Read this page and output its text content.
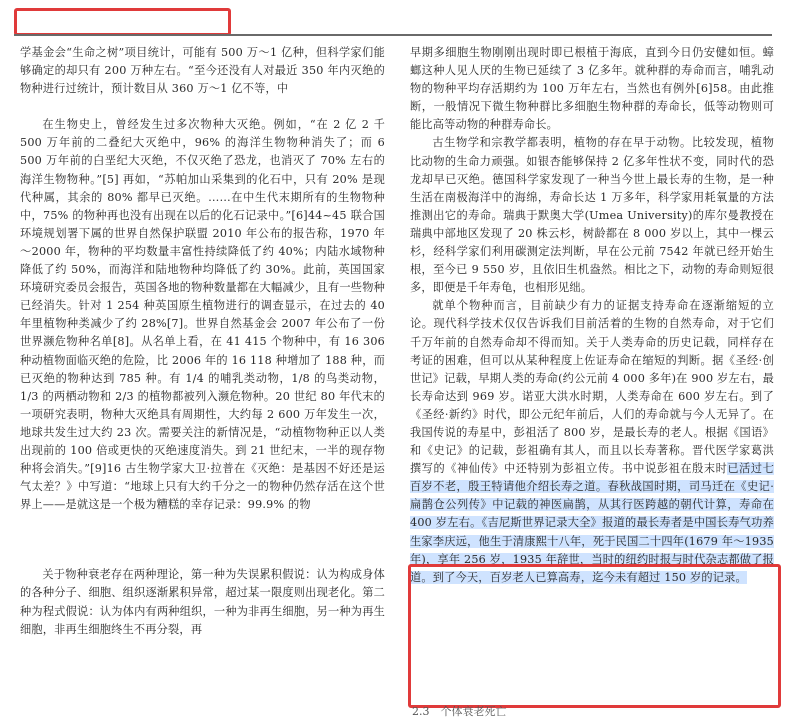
学基金会“生命之树”项目统计，可能有 500 万～1 亿种，但科学家们能够确定的却只有 200 万种左右。“至今还没有人对最近 350 年内灭绝的物种进行过统计，预计数目从 360 万～1 亿不等，中

在生物史上，曾经发生过多次物种大灭绝。例如，“在 2 亿 2 千 500 万年前的二叠纪大灭绝中，96% 的海洋生物物种消失了；而 6 500 万年前的白垩纪大灭绝，不仅灭绝了恐龙，也消灭了 70% 左右的海洋生物物种。”[5] 再如，“苏帕加山采集到的化石中，只有 20% 是现代种属，其余的 80% 都早已灭绝。……在中生代末期所有的生物物种中，75% 的物种再也没有出现在以后的化石记录中。”[6]44~45 联合国环境规划署下属的世界自然保护联盟 2010 年公布的报告称，1970 年～2000 年，物种的平均数量丰富性持续降低了约 40%；内陆水域物种降低了约 50%，而海洋和陆地物种均降低了约 30%。此前，英国国家环境研究委员会报告，英国各地的物种数量都在大幅减少，且有一些物种已经消失。针对 1 254 种英国原生植物进行的调查显示，在过去的 40 年里植物种类减少了约 28%[7]。世界自然基金会 2007 年公布了一份世界濒危物种名单[8]。从名单上看，在 41 415 个物种中，有 16 306 种动植物面临灭绝的危险，比 2006 年的 16 118 种增加了 188 种，而已灭绝的物种达到 785 种。有 1/4 的哺乳类动物，1/8 的鸟类动物，1/3 的两栖动物和 2/3 的植物都被列入濒危物种。20 世纪 80 年代末的一项研究表明，物种大灭绝具有周期性，大约每 2 600 万年发生一次，地球共发生过大约 23 次。需要关注的新情况是，“动植物物种正以人类出现前的 100 倍或更快的灭绝速度消失。到 21 世纪末，一半的现存物种将会消失。”[9]16 古生物学家大卫·拉普在《灭绝：是基因不好还是运气太差？》中写道：“地球上只有大约千分之一的物种仍然存活在这个世界上——是就这是一个极为糟糕的幸存记录：99.9% 的物

关于物种衰老存在两种理论，第一种为失误累积假说：认为构成身体的各种分子、细胞、组织逐渐累积异常，超过某一限度则出现老化。第二种为程式假说：认为体内有两种组织，一种为非再生细胞，另一种为再生细胞，非再生细胞终生不再分裂，再

早期多细胞生物刚刚出现时即已根植于海底，直到今日仍安健如恒。蟑螂这种人见人厌的生物已延续了 3 亿多年。就种群的寿命而言，哺乳动物的物种平均存活期约为 100 万年左右，当然也有例外[6]58。由此推断，一般情况下微生物种群比多细胞生物种群的寿命长，低等动物则可能比高等动物的种群寿命长。

古生物学和宗教学都表明，植物的存在早于动物。比较发现，植物比动物的生命力顽强。如银杏能够保持 2 亿多年性状不变，同时代的恐龙却早已灭绝。德国科学家发现了一种当今世上最长寿的生物，是一种生活在南极海洋中的海绵，寿命长达 1 万多年，科学家用耗氧量的方法推测出它的寿命。瑞典于默奥大学(Umea University)的库尔曼教授在瑞典中部地区发现了 20 株云杉，树龄都在 8 000 岁以上，其中一棵云杉，经科学家们利用碳测定法判断，早在公元前 7542 年就已经开始生根，至今已 9 550 岁，且依旧生机盎然。相比之下，动物的寿命则短很多，即便是千年寿龟，也相形见绌。

就单个物种而言，目前缺少有力的证据支持寿命在逐渐缩短的立论。现代科学技术仅仅告诉我们目前活着的生物的自然寿命，对于它们千万年前的自然寿命却不得而知。关于人类寿命的历史记载，同样存在考证的困难，但可以从某种程度上佐证寿命在缩短的判断。据《圣经·创世记》记载，早期人类的寿命(约公元前 4 000 多年)在 900 岁左右，最长寿命达到 969 岁。诺亚大洪水时期，人类寿命在 600 岁左右。到了《圣经·新约》时代，即公元纪年前后，人们的寿命就与今人无异了。在我国传说的寿星中，彭祖活了 800 岁，是最长寿的老人。根据《国语》和《史记》的记载，彭祖确有其人，而且以长寿著称。晋代医学家葛洪撰写的《神仙传》中还特别为彭祖立传。书中说彭祖在殷末时已活过七百岁不老，殷王特请他介绍长寿之道。春秋战国时期，司马迁在《史记·扁鹊仓公列传》中记载的神医扁鹊，从其行医跨越的朝代计算，寿命在 400 岁左右。《吉尼斯世界记录大全》报道的最长寿者是中国长寿气功养生家李庆远，他生于清康熙十八年，死于民国二十四年(1679 年～1935 年)，享年 256 岁，1935 年辞世，当时的纽约时报与时代杂志都做了报道。到了今天，百岁老人已算高寿，迄今未有超过 150 岁的记录。

2.3　个体衰老死亡
